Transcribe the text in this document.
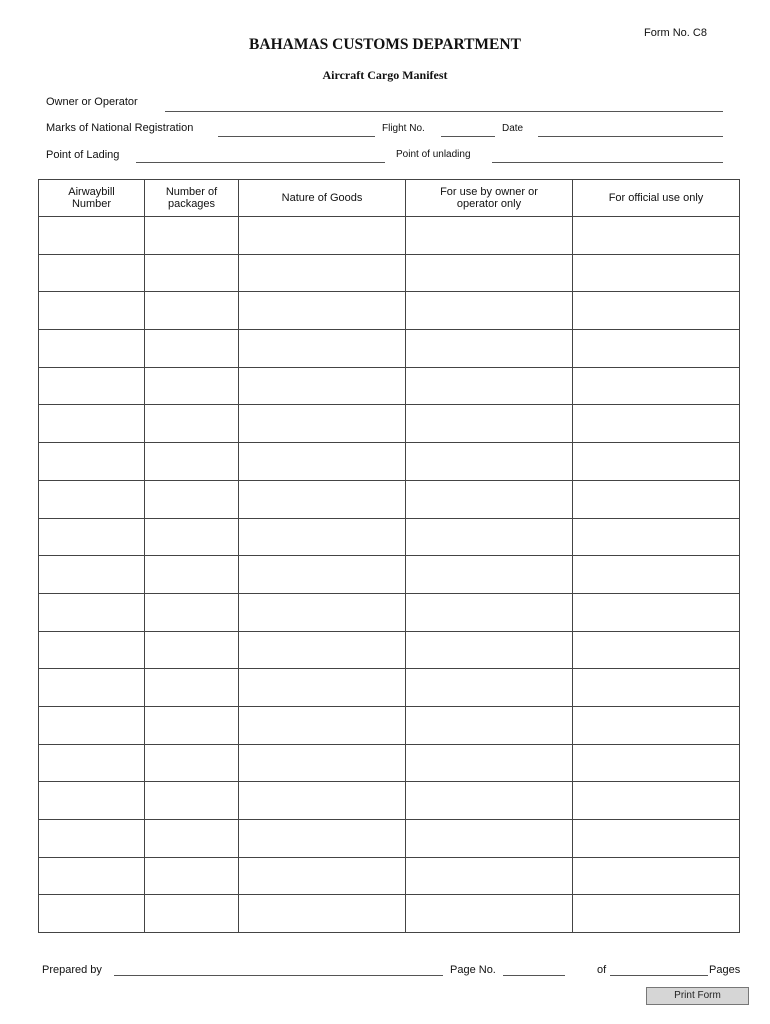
Form No. C8
BAHAMAS CUSTOMS DEPARTMENT
Aircraft Cargo Manifest
Owner or Operator
Marks of National Registration	Flight No.	Date
Point of Lading	Point of unlading
Airwaybill Number	Number of packages	Nature of Goods	For use by owner or operator only	For official use only

Prepared by	Page No.	of	Pages
Print Form
